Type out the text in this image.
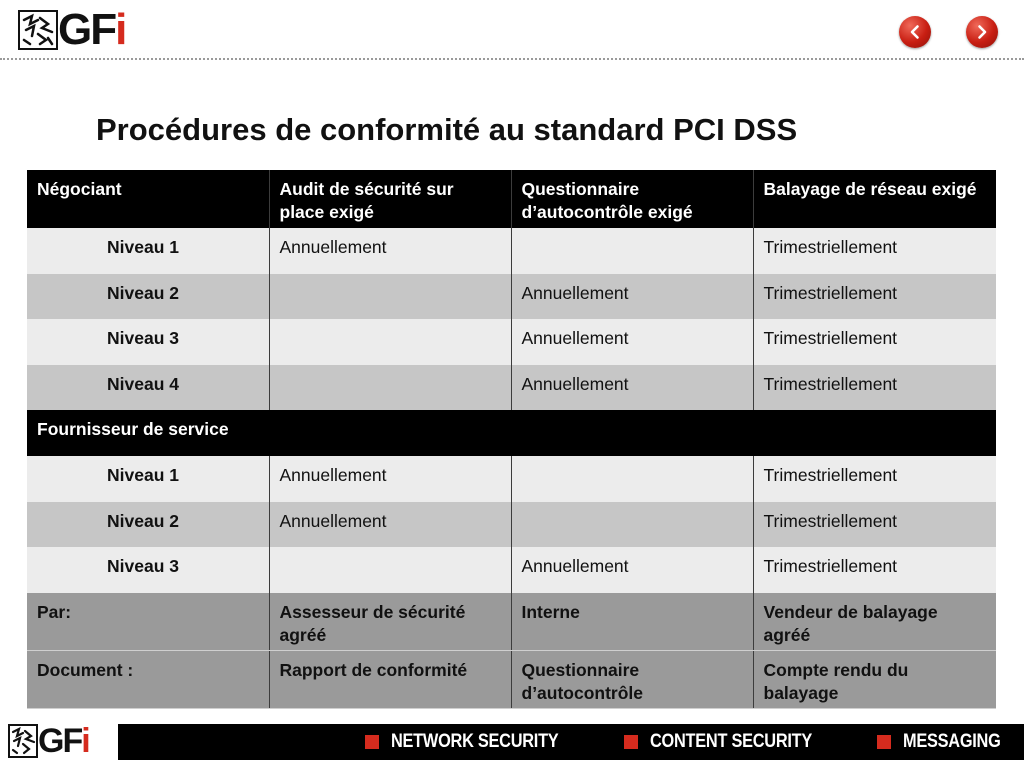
GF i
Procédures de conformité au standard PCI DSS
Négociant	Audit de sécurité sur place exigé	Questionnaire d’autocontrôle exigé	Balayage de réseau exigé
Niveau 1	Annuellement		Trimestriellement
Niveau 2		Annuellement	Trimestriellement
Niveau 3		Annuellement	Trimestriellement
Niveau 4		Annuellement	Trimestriellement
Fournisseur de service			
Niveau 1	Annuellement		Trimestriellement
Niveau 2	Annuellement		Trimestriellement
Niveau 3		Annuellement	Trimestriellement
Par:	Assesseur de sécurité agréé	Interne	Vendeur de balayage agréé
Document :	Rapport de conformité	Questionnaire d’autocontrôle	Compte rendu du balayage
GF i	NETWORK SECURITY	CONTENT SECURITY	MESSAGING
